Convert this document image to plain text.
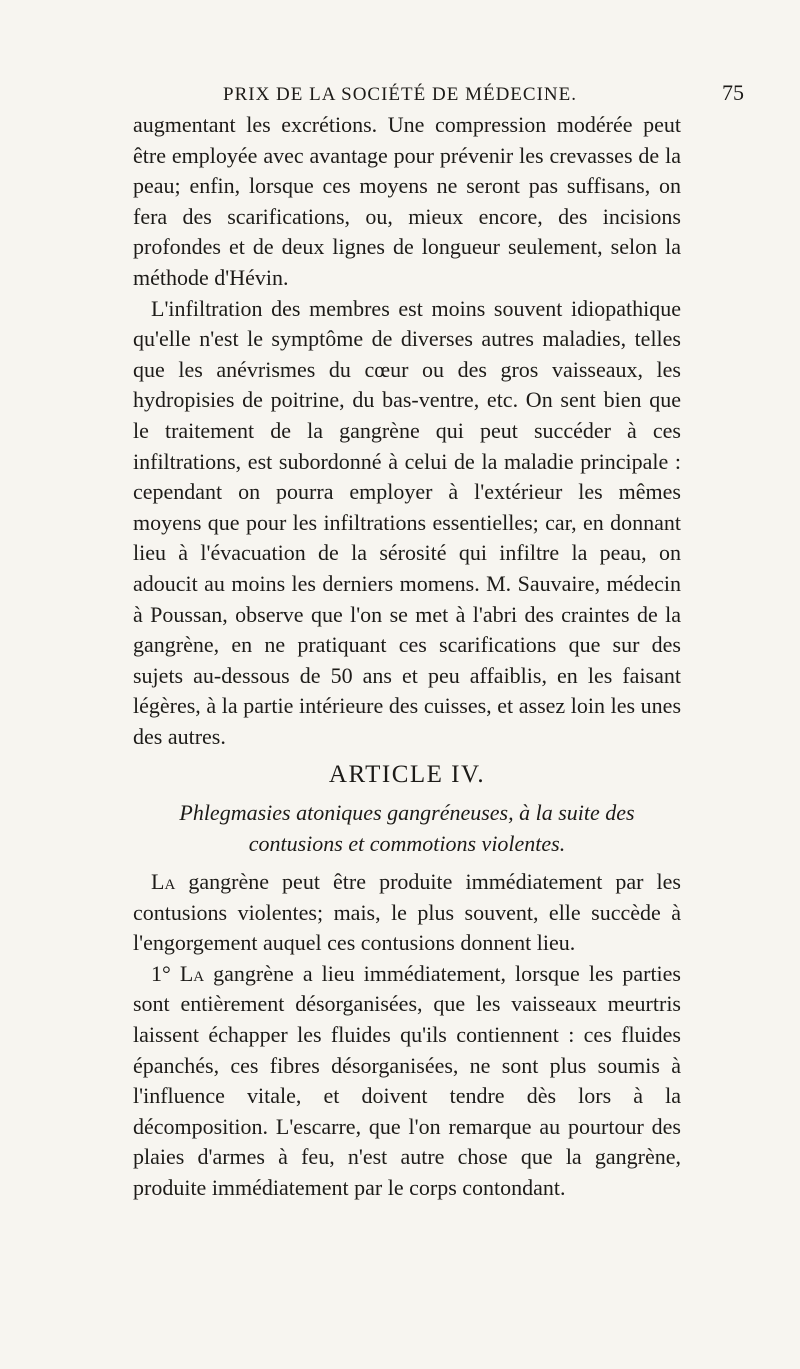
PRIX DE LA SOCIÉTÉ DE MÉDECINE.	75

augmentant les excrétions. Une compression modérée peut être employée avec avantage pour prévenir les crevasses de la peau; enfin, lorsque ces moyens ne seront pas suffisans, on fera des scarifications, ou, mieux encore, des incisions profondes et de deux lignes de longueur seulement, selon la méthode d'Hévin.

L'infiltration des membres est moins souvent idiopathique qu'elle n'est le symptôme de diverses autres maladies, telles que les anévrismes du cœur ou des gros vaisseaux, les hydropisies de poitrine, du bas-ventre, etc. On sent bien que le traitement de la gangrène qui peut succéder à ces infiltrations, est subordonné à celui de la maladie principale : cependant on pourra employer à l'extérieur les mêmes moyens que pour les infiltrations essentielles; car, en donnant lieu à l'évacuation de la sérosité qui infiltre la peau, on adoucit au moins les derniers momens. M. Sauvaire, médecin à Poussan, observe que l'on se met à l'abri des craintes de la gangrène, en ne pratiquant ces scarifications que sur des sujets au-dessous de 50 ans et peu affaiblis, en les faisant légères, à la partie intérieure des cuisses, et assez loin les unes des autres.

ARTICLE IV.
Phlegmasies atoniques gangréneuses, à la suite des contusions et commotions violentes.

La gangrène peut être produite immédiatement par les contusions violentes; mais, le plus souvent, elle succède à l'engorgement auquel ces contusions donnent lieu.

1° La gangrène a lieu immédiatement, lorsque les parties sont entièrement désorganisées, que les vaisseaux meurtris laissent échapper les fluides qu'ils contiennent : ces fluides épanchés, ces fibres désorganisées, ne sont plus soumis à l'influence vitale, et doivent tendre dès lors à la décomposition. L'escarre, que l'on remarque au pourtour des plaies d'armes à feu, n'est autre chose que la gangrène, produite immédiatement par le corps contondant.
